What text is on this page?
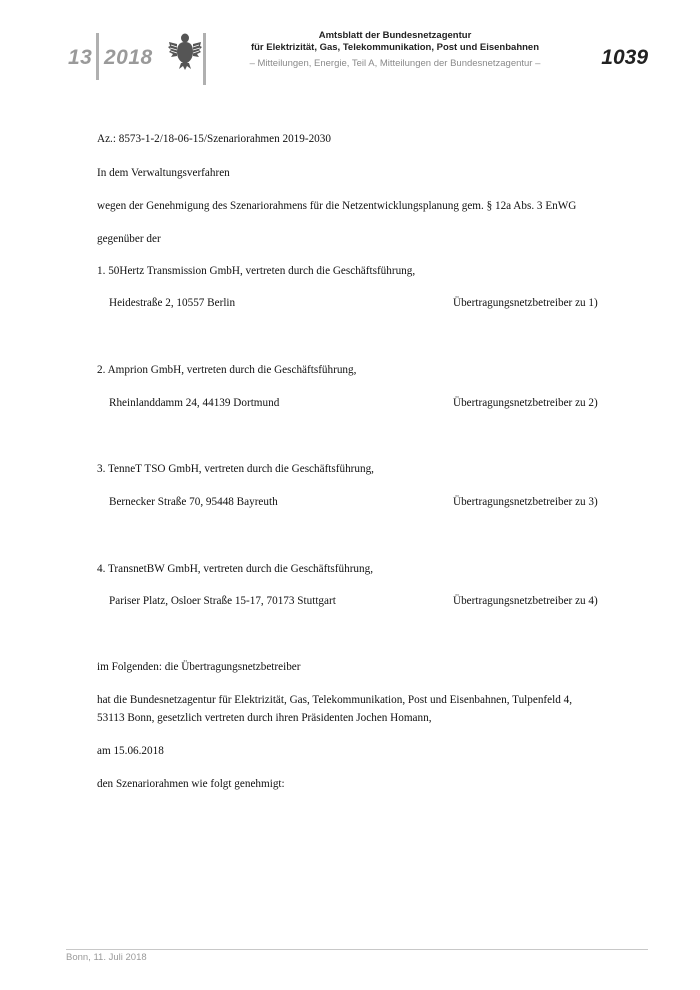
13 2018
Amtsblatt der Bundesnetzagentur
für Elektrizität, Gas, Telekommunikation, Post und Eisenbahnen
– Mitteilungen, Energie, Teil A, Mitteilungen der Bundesnetzagentur –	1039
Az.: 8573-1-2/18-06-15/Szenariorahmen 2019-2030
In dem Verwaltungsverfahren
wegen der Genehmigung des Szenariorahmens für die Netzentwicklungsplanung gem. § 12a Abs. 3 EnWG
gegenüber der
1. 50Hertz Transmission GmbH, vertreten durch die Geschäftsführung,
Heidestraße 2, 10557 Berlin	Übertragungsnetzbetreiber zu 1)
2. Amprion GmbH, vertreten durch die Geschäftsführung,
Rheinlanddamm 24, 44139 Dortmund	Übertragungsnetzbetreiber zu 2)
3. TenneT TSO GmbH, vertreten durch die Geschäftsführung,
Bernecker Straße 70, 95448 Bayreuth	Übertragungsnetzbetreiber zu 3)
4. TransnetBW GmbH, vertreten durch die Geschäftsführung,
Pariser Platz, Osloer Straße 15-17, 70173 Stuttgart	Übertragungsnetzbetreiber zu 4)
im Folgenden: die Übertragungsnetzbetreiber
hat die Bundesnetzagentur für Elektrizität, Gas, Telekommunikation, Post und Eisenbahnen, Tulpenfeld 4,
53113 Bonn, gesetzlich vertreten durch ihren Präsidenten Jochen Homann,
am 15.06.2018
den Szenariorahmen wie folgt genehmigt:
Bonn, 11. Juli 2018
